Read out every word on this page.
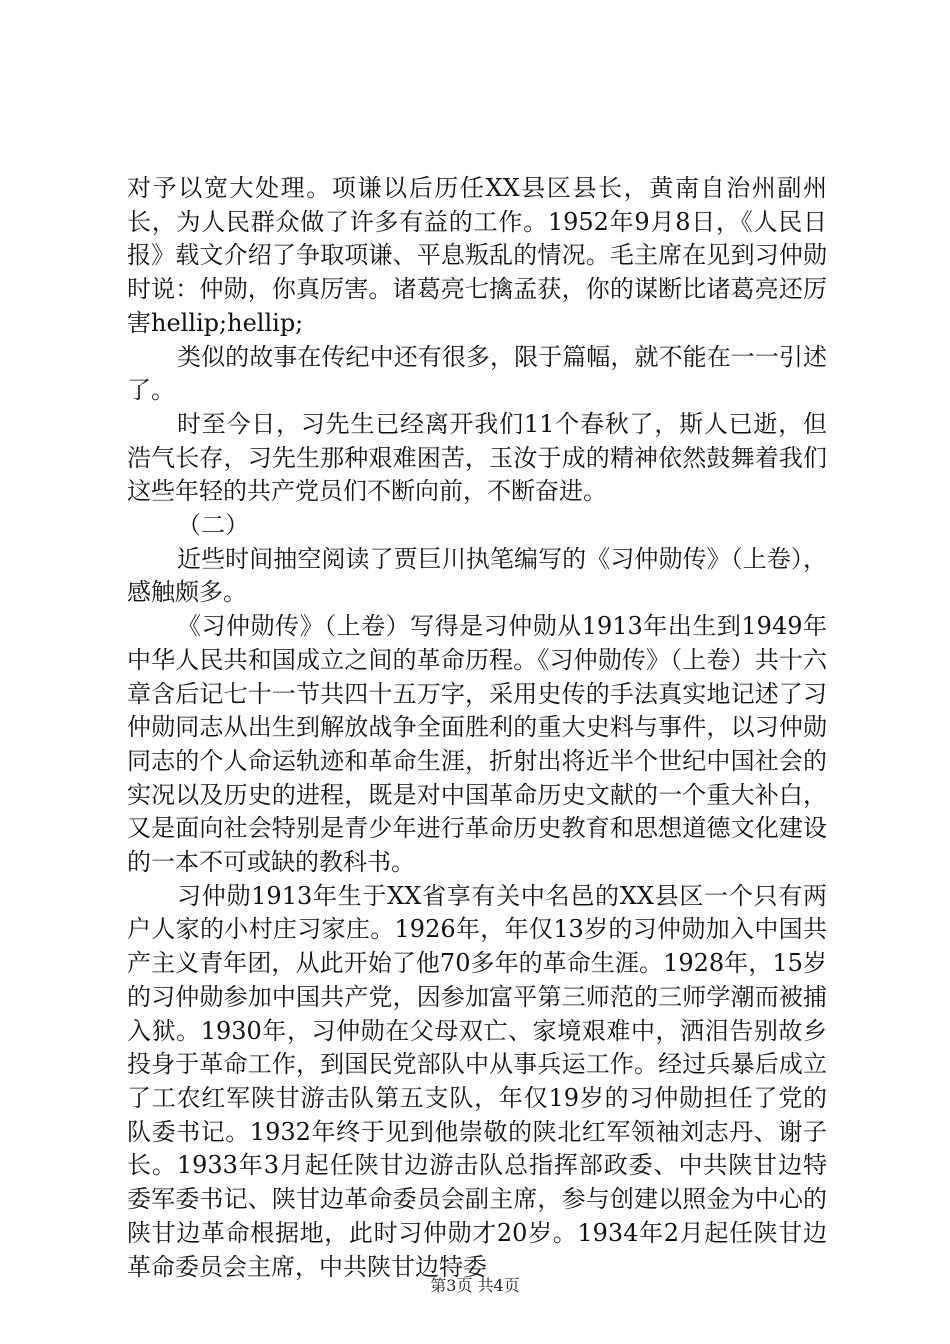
对予以宽大处理。项谦以后历任XX县区县长，黄南自治州副州长，为人民群众做了许多有益的工作。1952年9月8日，《人民日报》载文介绍了争取项谦、平息叛乱的情况。毛主席在见到习仲勋时说：仲勋，你真厉害。诸葛亮七擒孟获，你的谋断比诸葛亮还厉害hellip;hellip;

类似的故事在传纪中还有很多，限于篇幅，就不能在一一引述了。

时至今日，习先生已经离开我们11个春秋了，斯人已逝，但浩气长存，习先生那种艰难困苦，玉汝于成的精神依然鼓舞着我们这些年轻的共产党员们不断向前，不断奋进。

（二）

近些时间抽空阅读了贾巨川执笔编写的《习仲勋传》（上卷），感触颇多。

《习仲勋传》（上卷）写得是习仲勋从1913年出生到1949年中华人民共和国成立之间的革命历程。《习仲勋传》（上卷）共十六章含后记七十一节共四十五万字，采用史传的手法真实地记述了习仲勋同志从出生到解放战争全面胜利的重大史料与事件，以习仲勋同志的个人命运轨迹和革命生涯，折射出将近半个世纪中国社会的实况以及历史的进程，既是对中国革命历史文献的一个重大补白，又是面向社会特别是青少年进行革命历史教育和思想道德文化建设的一本不可或缺的教科书。

习仲勋1913年生于XX省享有关中名邑的XX县区一个只有两户人家的小村庄习家庄。1926年，年仅13岁的习仲勋加入中国共产主义青年团，从此开始了他70多年的革命生涯。1928年，15岁的习仲勋参加中国共产党，因参加富平第三师范的三师学潮而被捕入狱。1930年，习仲勋在父母双亡、家境艰难中，洒泪告别故乡投身于革命工作，到国民党部队中从事兵运工作。经过兵暴后成立了工农红军陕甘游击队第五支队，年仅19岁的习仲勋担任了党的队委书记。1932年终于见到他崇敬的陕北红军领袖刘志丹、谢子长。1933年3月起任陕甘边游击队总指挥部政委、中共陕甘边特委军委书记、陕甘边革命委员会副主席，参与创建以照金为中心的陕甘边革命根据地，此时习仲勋才20岁。1934年2月起任陕甘边革命委员会主席，中共陕甘边特委

第3页 共4页
